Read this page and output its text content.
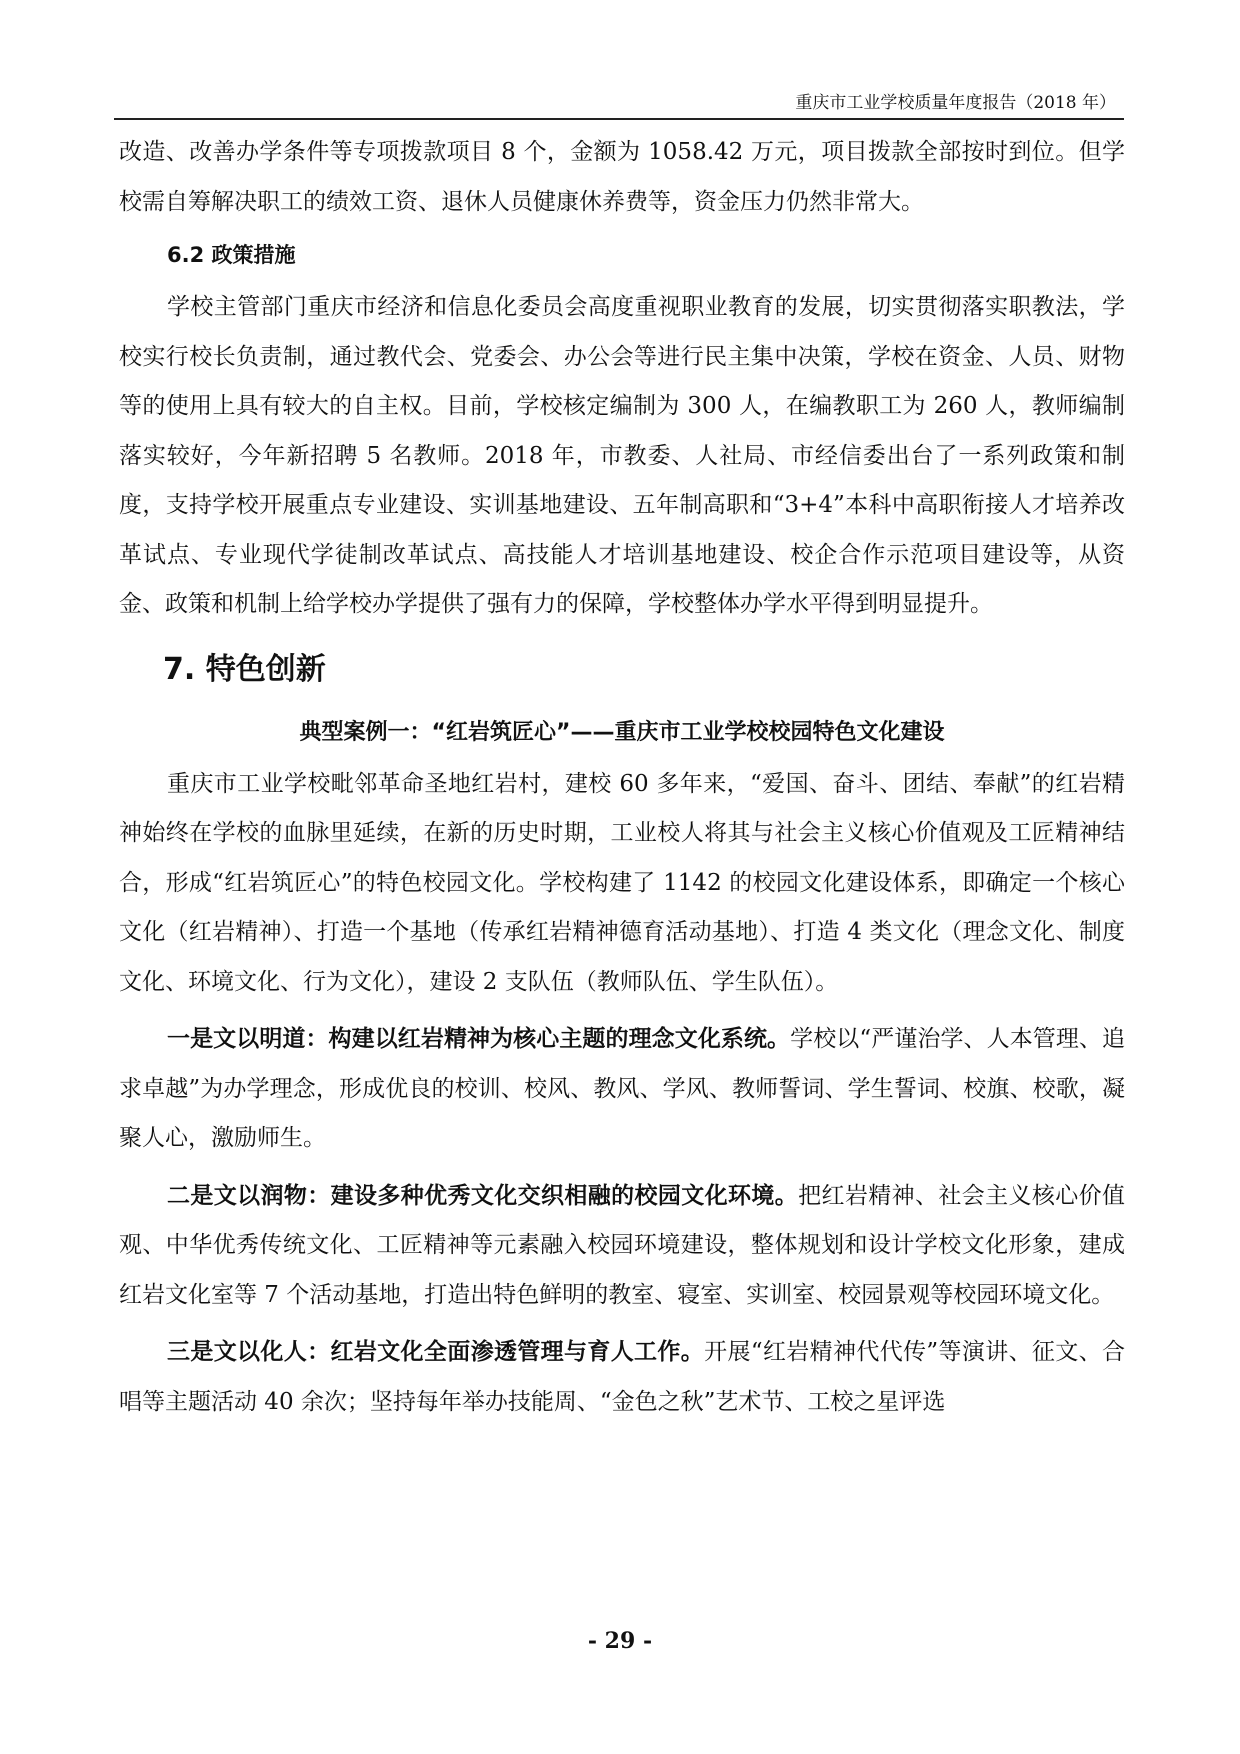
重庆市工业学校质量年度报告（2018 年）

改造、改善办学条件等专项拨款项目 8 个，金额为 1058.42 万元，项目拨款全部按时到位。但学校需自筹解决职工的绩效工资、退休人员健康休养费等，资金压力仍然非常大。

6.2 政策措施

学校主管部门重庆市经济和信息化委员会高度重视职业教育的发展，切实贯彻落实职教法，学校实行校长负责制，通过教代会、党委会、办公会等进行民主集中决策，学校在资金、人员、财物等的使用上具有较大的自主权。目前，学校核定编制为 300 人，在编教职工为 260 人，教师编制落实较好，今年新招聘 5 名教师。2018 年，市教委、人社局、市经信委出台了一系列政策和制度，支持学校开展重点专业建设、实训基地建设、五年制高职和“3+4”本科中高职衔接人才培养改革试点、专业现代学徒制改革试点、高技能人才培训基地建设、校企合作示范项目建设等，从资金、政策和机制上给学校办学提供了强有力的保障，学校整体办学水平得到明显提升。

7. 特色创新
典型案例一：“红岩筑匠心”——重庆市工业学校校园特色文化建设

重庆市工业学校毗邻革命圣地红岩村，建校 60 多年来，“爱国、奋斗、团结、奉献”的红岩精神始终在学校的血脉里延续，在新的历史时期，工业校人将其与社会主义核心价值观及工匠精神结合，形成“红岩筑匠心”的特色校园文化。学校构建了 1142 的校园文化建设体系，即确定一个核心文化（红岩精神）、打造一个基地（传承红岩精神德育活动基地）、打造 4 类文化（理念文化、制度文化、环境文化、行为文化），建设 2 支队伍（教师队伍、学生队伍）。

一是文以明道：构建以红岩精神为核心主题的理念文化系统。学校以“严谨治学、人本管理、追求卓越”为办学理念，形成优良的校训、校风、教风、学风、教师誓词、学生誓词、校旗、校歌，凝聚人心，激励师生。

二是文以润物：建设多种优秀文化交织相融的校园文化环境。把红岩精神、社会主义核心价值观、中华优秀传统文化、工匠精神等元素融入校园环境建设，整体规划和设计学校文化形象，建成红岩文化室等 7 个活动基地，打造出特色鲜明的教室、寝室、实训室、校园景观等校园环境文化。

三是文以化人：红岩文化全面渗透管理与育人工作。开展“红岩精神代代传”等演讲、征文、合唱等主题活动 40 余次；坚持每年举办技能周、“金色之秋”艺术节、工校之星评选

- 29 -
